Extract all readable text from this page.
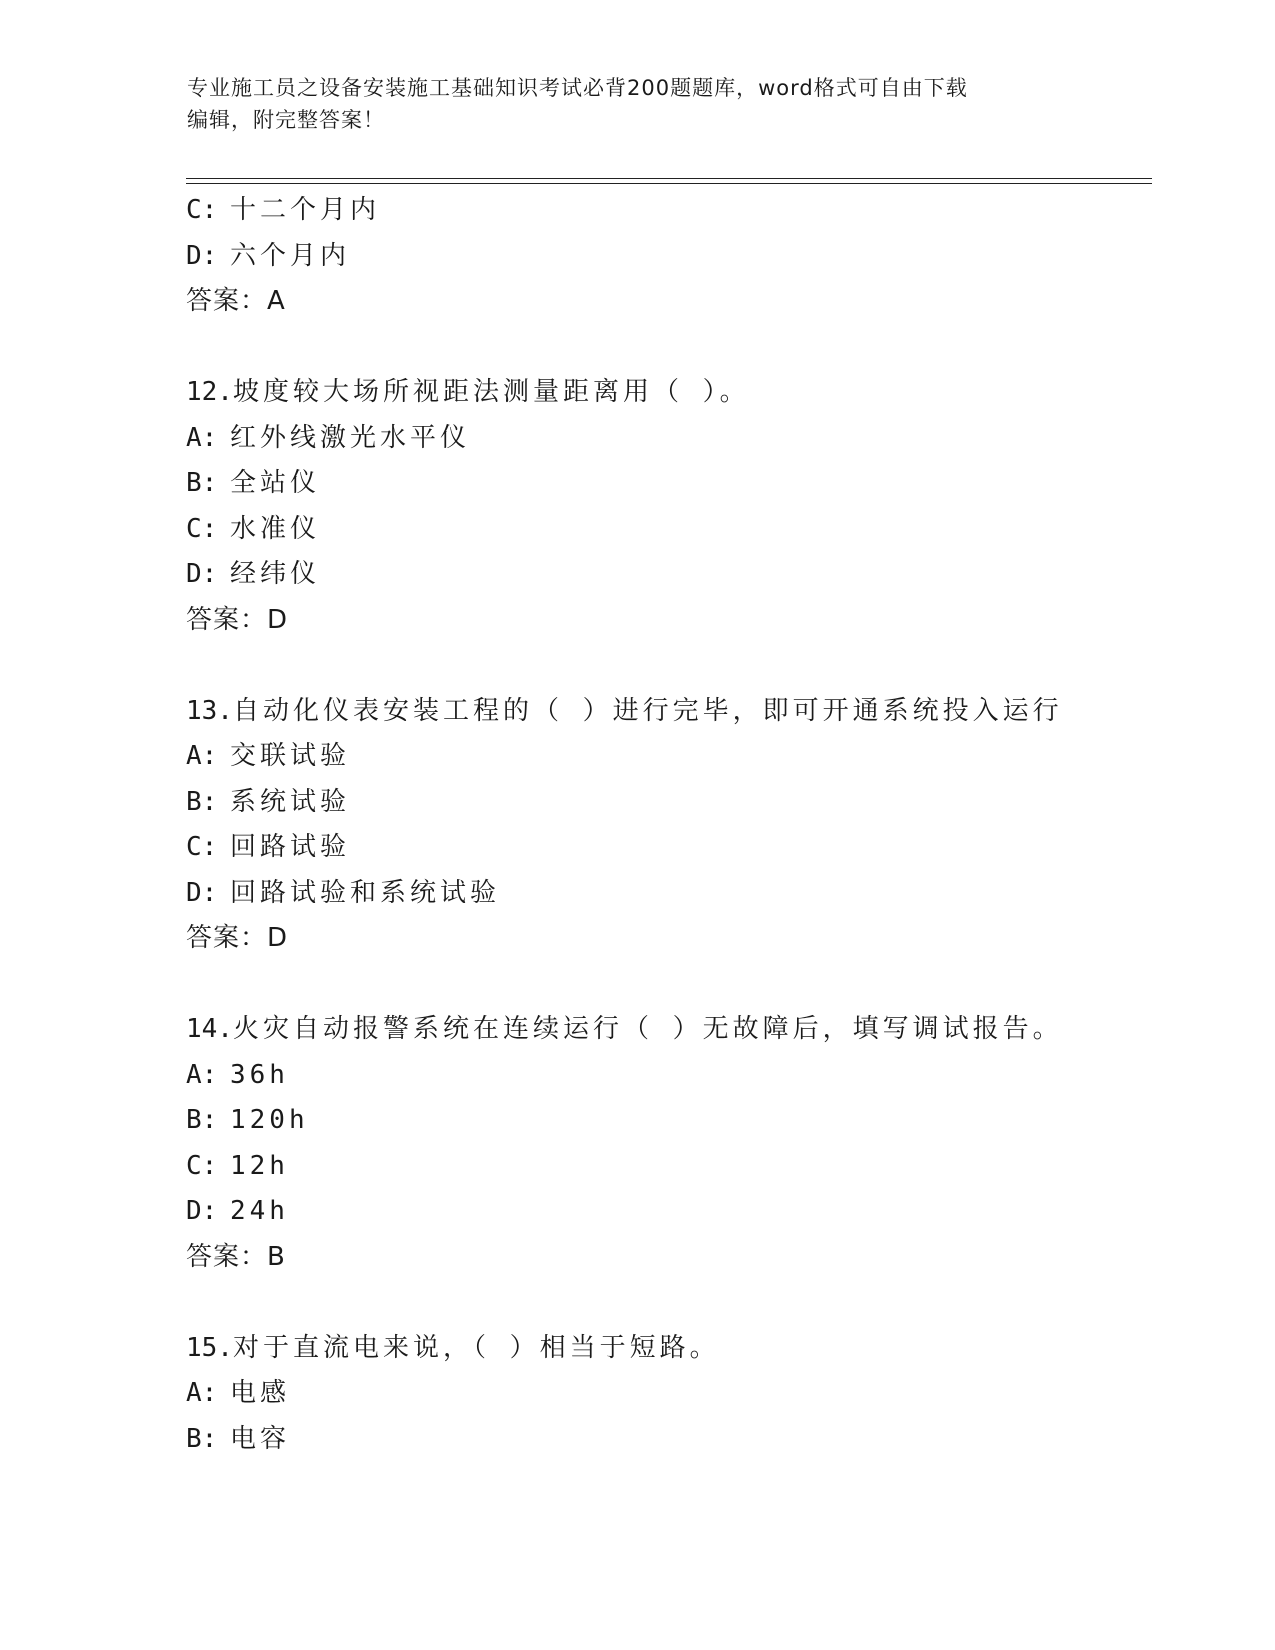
专业施工员之设备安装施工基础知识考试必背200题题库，word格式可自由下载
编辑，附完整答案！
C: 十二个月内
D: 六个月内
答案：A
12.坡度较大场所视距法测量距离用（ ）。
A: 红外线激光水平仪
B: 全站仪
C: 水准仪
D: 经纬仪
答案：D
13.自动化仪表安装工程的（ ）进行完毕，即可开通系统投入运行
A: 交联试验
B: 系统试验
C: 回路试验
D: 回路试验和系统试验
答案：D
14.火灾自动报警系统在连续运行（ ）无故障后，填写调试报告。
A: 36h
B: 120h
C: 12h
D: 24h
答案：B
15.对于直流电来说，（ ）相当于短路。
A: 电感
B: 电容
